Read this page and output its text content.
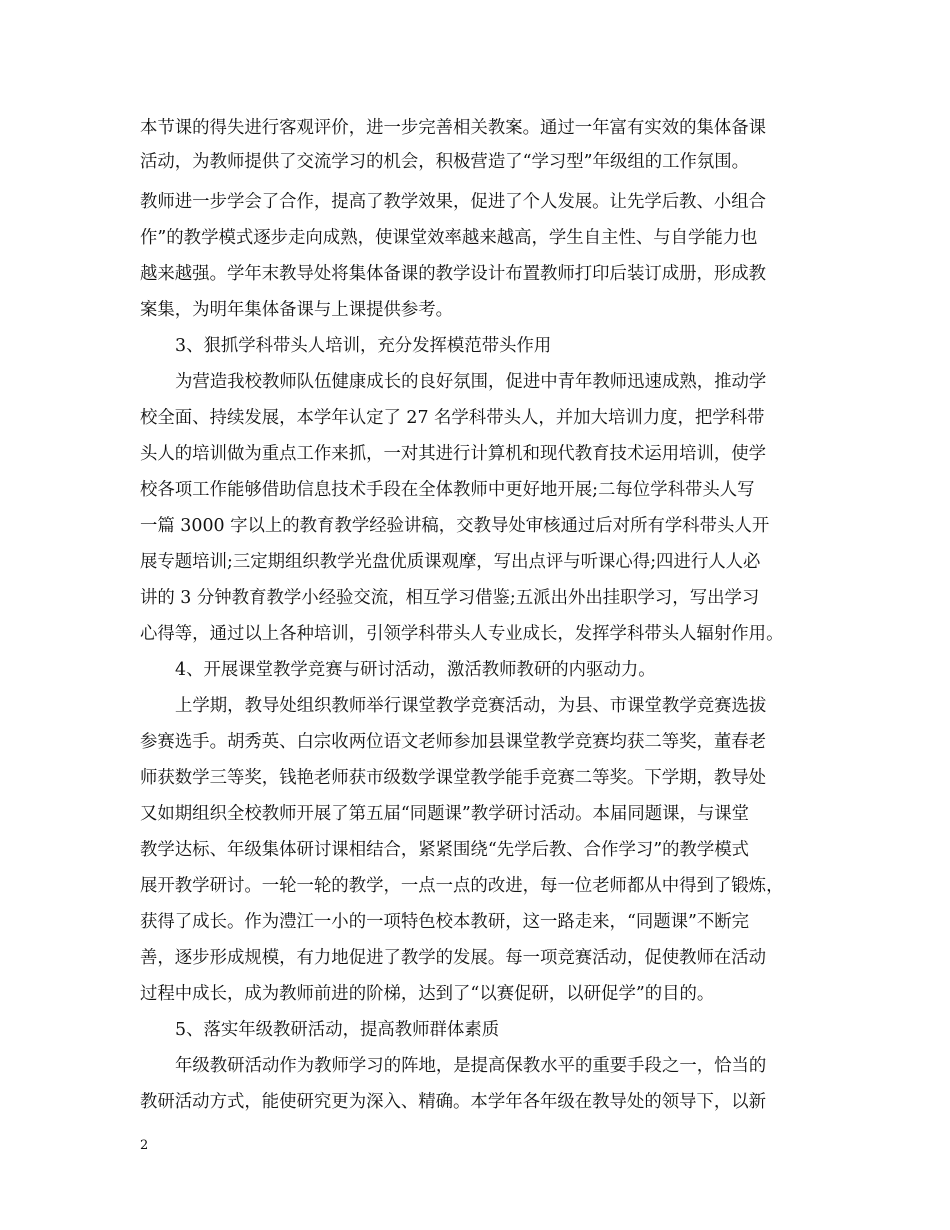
本节课的得失进行客观评价，进一步完善相关教案。通过一年富有实效的集体备课
活动，为教师提供了交流学习的机会，积极营造了“学习型”年级组的工作氛围。
教师进一步学会了合作，提高了教学效果，促进了个人发展。让先学后教、小组合
作”的教学模式逐步走向成熟，使课堂效率越来越高，学生自主性、与自学能力也
越来越强。学年末教导处将集体备课的教学设计布置教师打印后装订成册，形成教
案集，为明年集体备课与上课提供参考。
3、狠抓学科带头人培训，充分发挥模范带头作用
为营造我校教师队伍健康成长的良好氛围，促进中青年教师迅速成熟，推动学
校全面、持续发展，本学年认定了 27 名学科带头人，并加大培训力度，把学科带
头人的培训做为重点工作来抓，一对其进行计算机和现代教育技术运用培训，使学
校各项工作能够借助信息技术手段在全体教师中更好地开展;二每位学科带头人写
一篇 3000 字以上的教育教学经验讲稿，交教导处审核通过后对所有学科带头人开
展专题培训;三定期组织教学光盘优质课观摩，写出点评与听课心得;四进行人人必
讲的 3 分钟教育教学小经验交流，相互学习借鉴;五派出外出挂职学习，写出学习
心得等，通过以上各种培训，引领学科带头人专业成长，发挥学科带头人辐射作用。
4、开展课堂教学竞赛与研讨活动，激活教师教研的内驱动力。
上学期，教导处组织教师举行课堂教学竞赛活动，为县、市课堂教学竞赛选拔
参赛选手。胡秀英、白宗收两位语文老师参加县课堂教学竞赛均获二等奖，董春老
师获数学三等奖，钱艳老师获市级数学课堂教学能手竞赛二等奖。下学期，教导处
又如期组织全校教师开展了第五届“同题课”教学研讨活动。本届同题课，与课堂
教学达标、年级集体研讨课相结合，紧紧围绕“先学后教、合作学习”的教学模式
展开教学研讨。一轮一轮的教学，一点一点的改进，每一位老师都从中得到了锻炼，
获得了成长。作为澧江一小的一项特色校本教研，这一路走来，“同题课”不断完
善，逐步形成规模，有力地促进了教学的发展。每一项竞赛活动，促使教师在活动
过程中成长，成为教师前进的阶梯，达到了“以赛促研，以研促学”的目的。
5、落实年级教研活动，提高教师群体素质
年级教研活动作为教师学习的阵地，是提高保教水平的重要手段之一，恰当的
教研活动方式，能使研究更为深入、精确。本学年各年级在教导处的领导下，以新
2
